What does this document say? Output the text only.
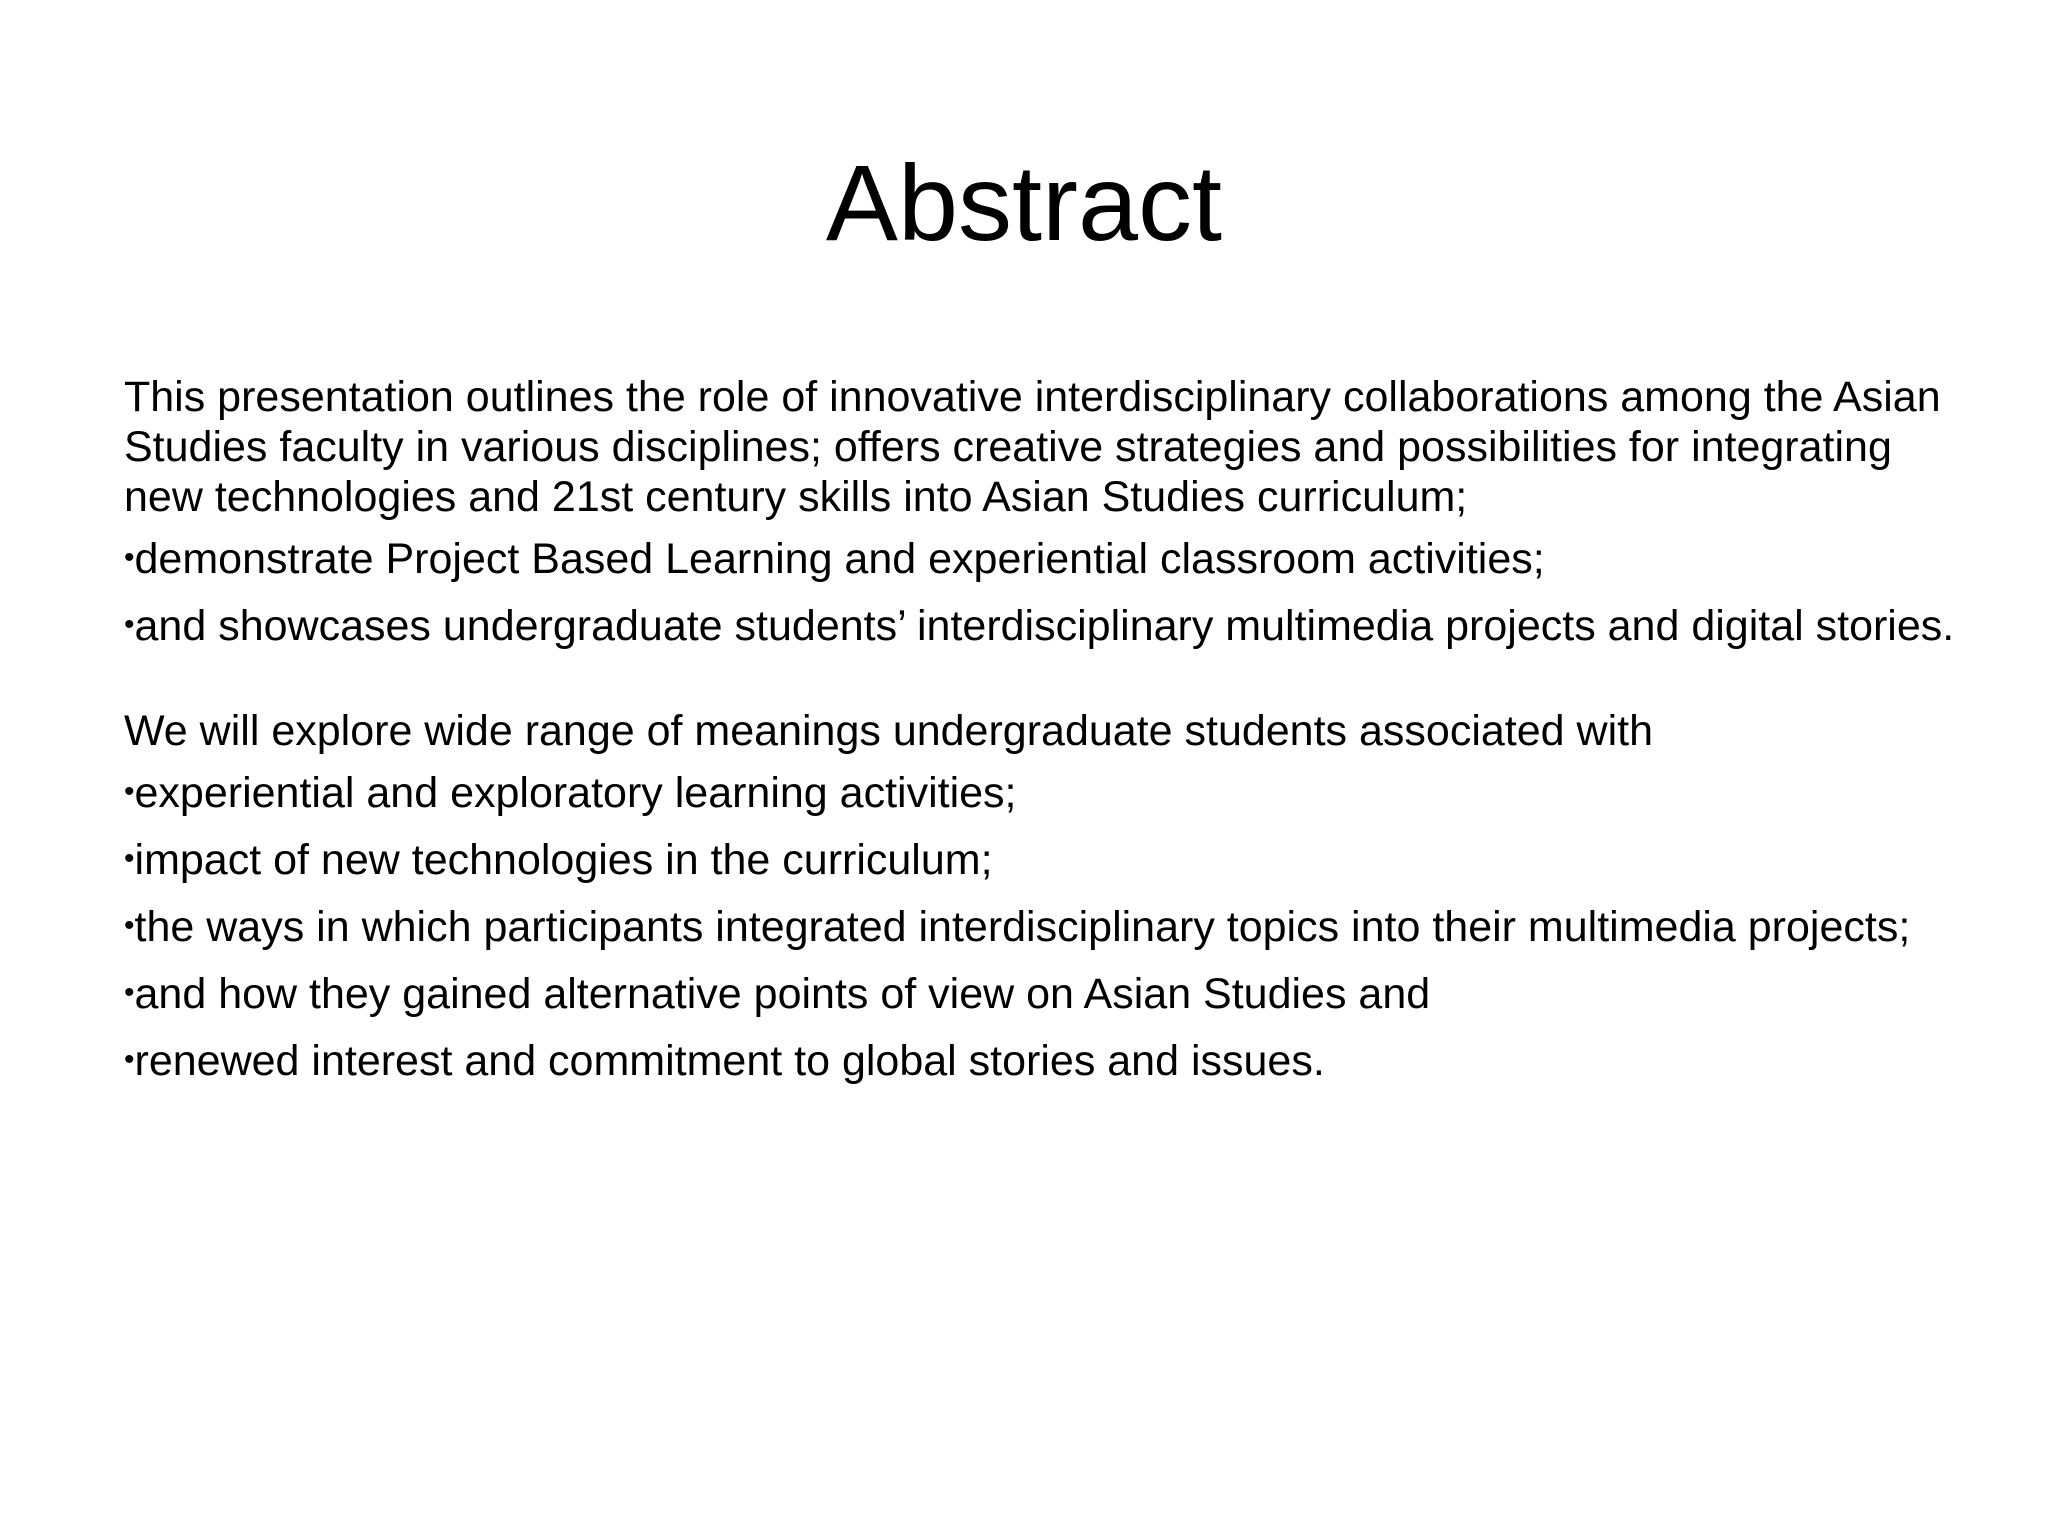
Abstract

This presentation outlines the role of innovative interdisciplinary collaborations among the Asian Studies faculty in various disciplines; offers creative strategies and possibilities for integrating new technologies and 21st century skills into Asian Studies curriculum;

•demonstrate Project Based Learning and experiential classroom activities;

•and showcases undergraduate students’ interdisciplinary multimedia projects and digital stories.

We will explore wide range of meanings undergraduate students associated with

•experiential and exploratory learning activities;

•impact of new technologies in the curriculum;

•the ways in which participants integrated interdisciplinary topics into their multimedia projects;

•and how they gained alternative points of view on Asian Studies and

•renewed interest and commitment to global stories and issues.
